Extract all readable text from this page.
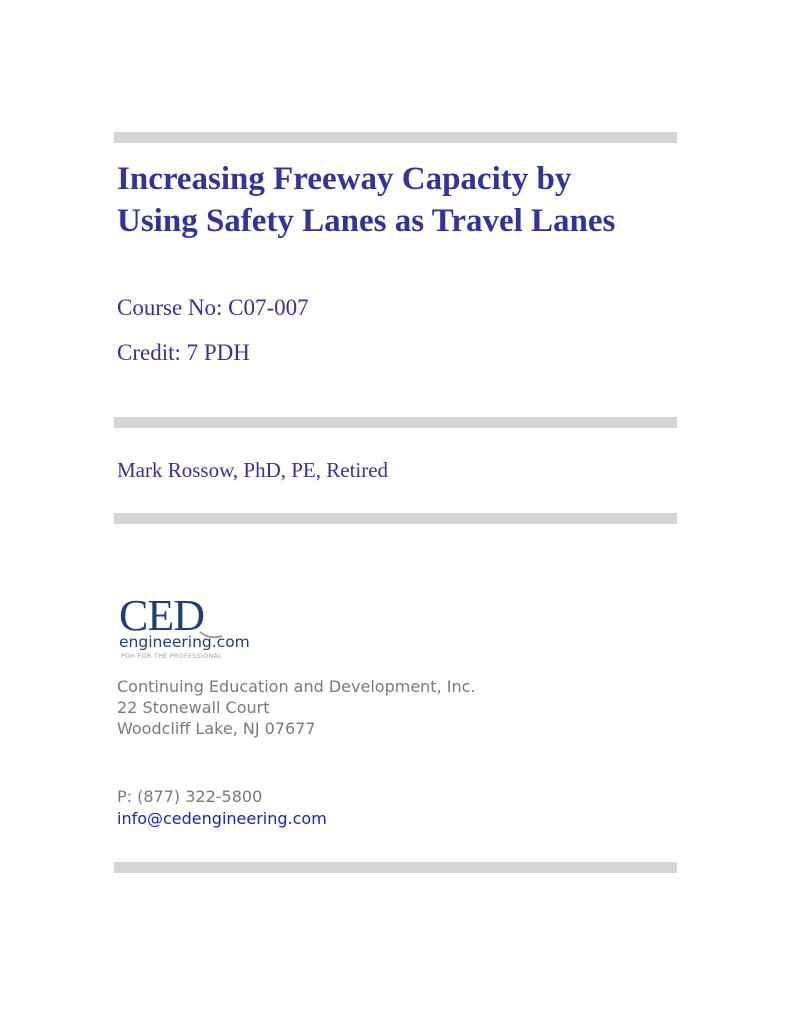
Increasing Freeway Capacity by
Using Safety Lanes as Travel Lanes
Course No: C07-007
Credit: 7 PDH
Mark Rossow, PhD, PE, Retired
CED
engineering.com
PDH FOR THE PROFESSIONAL
Continuing Education and Development, Inc.
22 Stonewall Court
Woodcliff Lake, NJ 07677
P: (877) 322-5800
info@cedengineering.com
